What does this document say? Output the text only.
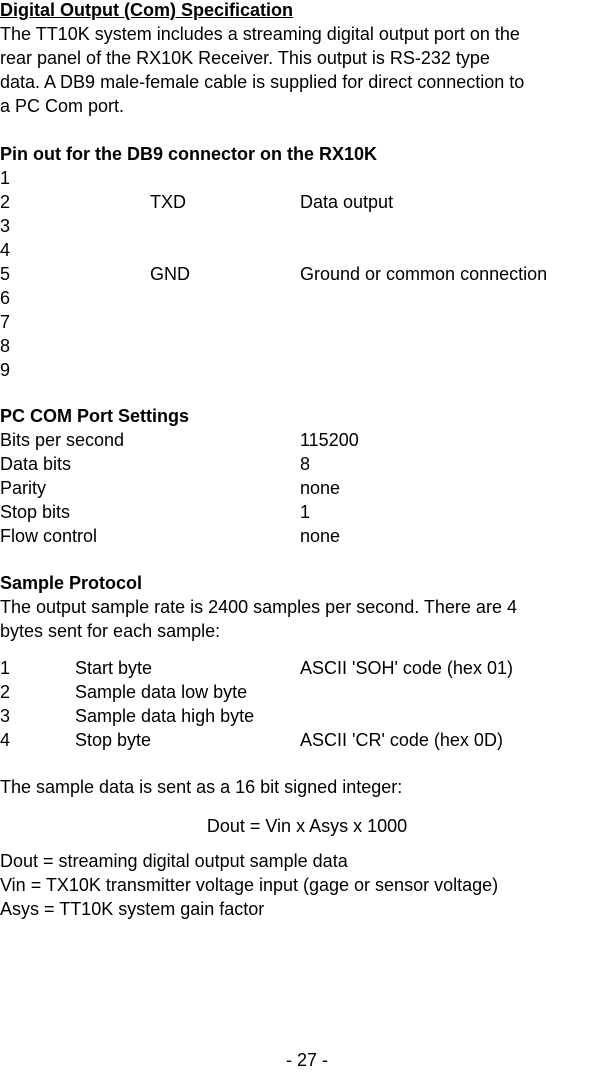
Digital Output (Com) Specification
The TT10K system includes a streaming digital output port on the
rear panel of the RX10K Receiver. This output is RS-232 type
data. A DB9 male-female cable is supplied for direct connection to
a PC Com port.
Pin out for the DB9 connector on the RX10K
1
2	TXD	Data output
3
4
5	GND	Ground or common connection
6
7
8
9
PC COM Port Settings
Bits per second	115200
Data bits	8
Parity	none
Stop bits	1
Flow control	none
Sample Protocol
The output sample rate is 2400 samples per second. There are 4
bytes sent for each sample:
1	Start byte	ASCII 'SOH' code (hex 01)
2	Sample data low byte
3	Sample data high byte
4	Stop byte	ASCII 'CR' code (hex 0D)
The sample data is sent as a 16 bit signed integer:
Dout = Vin x Asys x 1000
Dout = streaming digital output sample data
Vin = TX10K transmitter voltage input (gage or sensor voltage)
Asys = TT10K system gain factor
- 27 -
